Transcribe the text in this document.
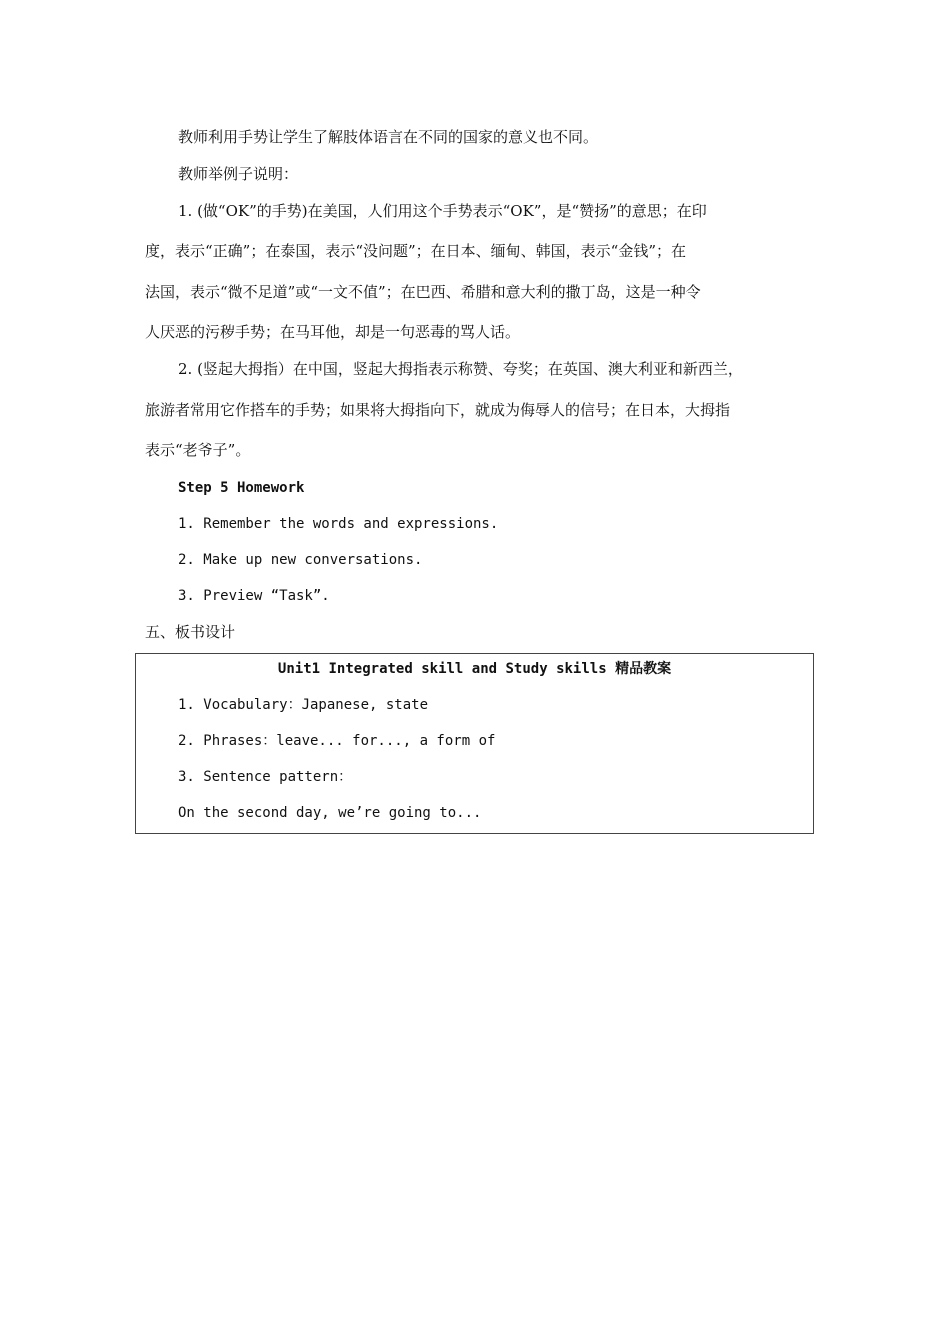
教师利用手势让学生了解肢体语言在不同的国家的意义也不同。
教师举例子说明：
1. (做“OK”的手势)在美国，人们用这个手势表示“OK”，是“赞扬”的意思；在印
度，表示“正确”；在泰国，表示“没问题”；在日本、缅甸、韩国，表示“金钱”；在
法国，表示“微不足道”或“一文不值”；在巴西、希腊和意大利的撒丁岛，这是一种令
人厌恶的污秽手势；在马耳他，却是一句恶毒的骂人话。
2. (竖起大拇指）在中国，竖起大拇指表示称赞、夸奖；在英国、澳大利亚和新西兰，
旅游者常用它作搭车的手势；如果将大拇指向下，就成为侮辱人的信号；在日本，大拇指
表示“老爷子”。
Step 5 Homework
1. Remember the words and expressions.
2. Make up new conversations.
3. Preview “Task”.
五、板书设计
Unit1 Integrated skill and Study skills 精品教案
1. Vocabulary：Japanese, state
2. Phrases：leave... for..., a form of
3. Sentence pattern：
On the second day, we’re going to...
